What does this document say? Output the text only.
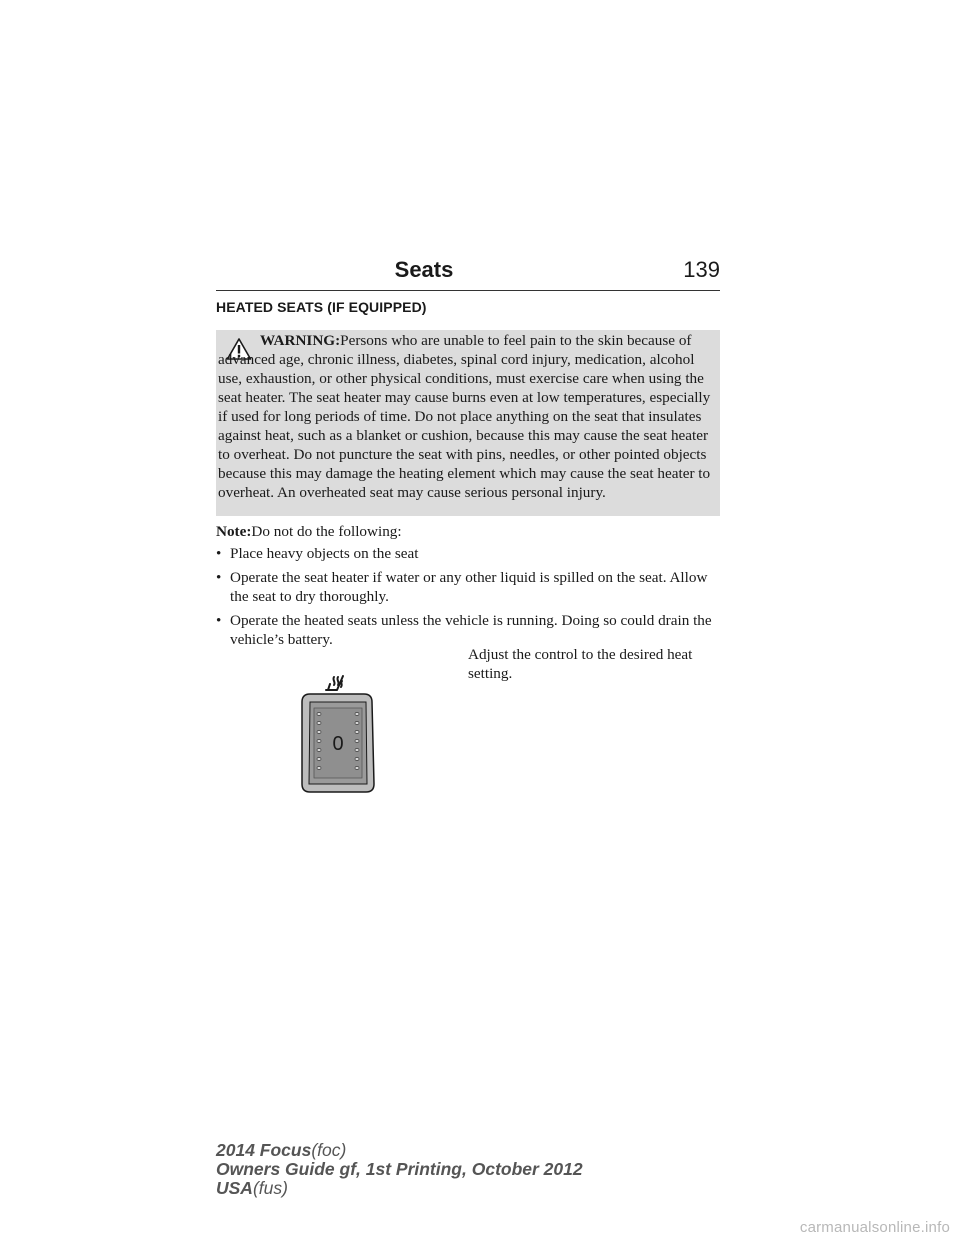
Seats	139
HEATED SEATS (IF EQUIPPED)
WARNING:Persons who are unable to feel pain to the skin because of advanced age, chronic illness, diabetes, spinal cord injury, medication, alcohol use, exhaustion, or other physical conditions, must exercise care when using the seat heater. The seat heater may cause burns even at low temperatures, especially if used for long periods of time. Do not place anything on the seat that insulates against heat, such as a blanket or cushion, because this may cause the seat heater to overheat. Do not puncture the seat with pins, needles, or other pointed objects because this may damage the heating element which may cause the seat heater to overheat. An overheated seat may cause serious personal injury.
Note:Do not do the following:
• Place heavy objects on the seat
• Operate the seat heater if water or any other liquid is spilled on the seat. Allow the seat to dry thoroughly.
• Operate the heated seats unless the vehicle is running. Doing so could drain the vehicle’s battery.
Adjust the control to the desired heat setting.
0
2014 Focus(foc)
Owners Guide gf, 1st Printing, October 2012
USA(fus)
carmanualsonline.info
